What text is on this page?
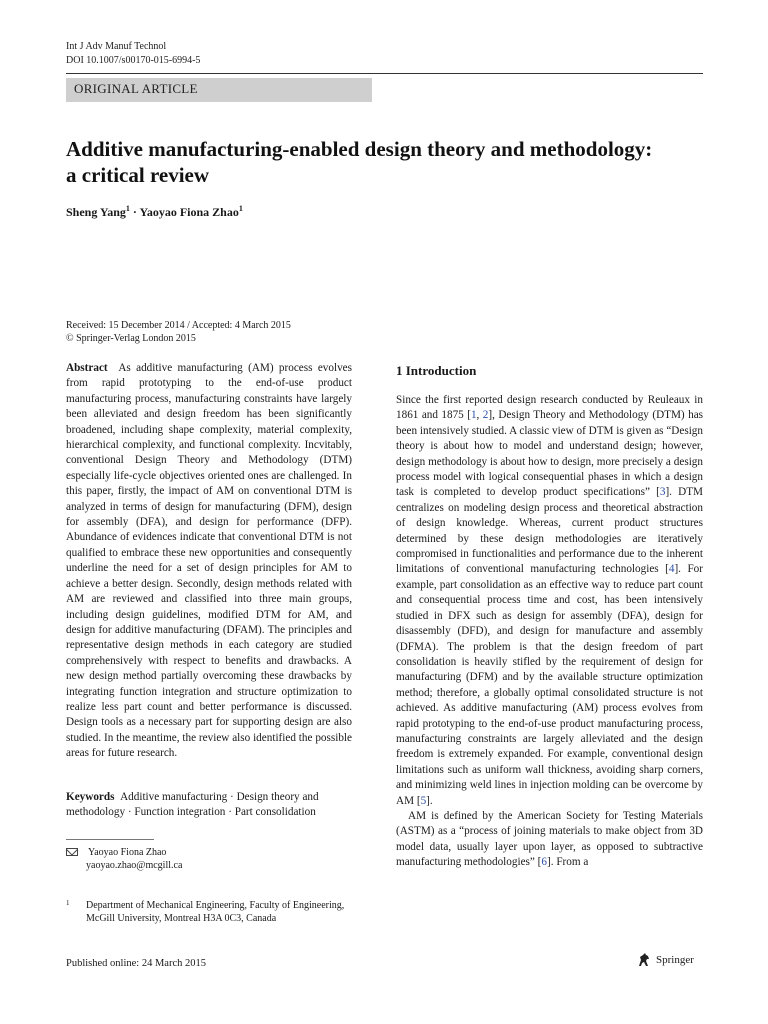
Int J Adv Manuf Technol
DOI 10.1007/s00170-015-6994-5
ORIGINAL ARTICLE
Additive manufacturing-enabled design theory and methodology:
a critical review
Sheng Yang$^1$ · Yaoyao Fiona Zhao$^1$
Received: 15 December 2014 / Accepted: 4 March 2015
© Springer-Verlag London 2015

Abstract As additive manufacturing (AM) process evolves from rapid prototyping to the end-of-use product manufacturing process, manufacturing constraints have largely been alleviated and design freedom has been significantly broadened, including shape complexity, material complexity, hierarchical complexity, and functional complexity. Incvitably, conventional Design Theory and Methodology (DTM) especially life-cycle objectives oriented ones are challenged. In this paper, firstly, the impact of AM on conventional DTM is analyzed in terms of design for manufacturing (DFM), design for assembly (DFA), and design for performance (DFP). Abundance of evidences indicate that conventional DTM is not qualified to embrace these new opportunities and consequently underline the need for a set of design principles for AM to achieve a better design. Secondly, design methods related with AM are reviewed and classified into three main groups, including design guidelines, modified DTM for AM, and design for additive manufacturing (DFAM). The principles and representative design methods in each category are studied comprehensively with respect to benefits and drawbacks. A new design method partially overcoming these drawbacks by integrating function integration and structure optimization to realize less part count and better performance is discussed. Design tools as a necessary part for supporting design are also studied. In the meantime, the review also identified the possible areas for future research.

Keywords Additive manufacturing · Design theory and methodology · Function integration · Part consolidation
Yaoyao Fiona Zhao
yaoyao.zhao@mcgill.ca
1	Department of Mechanical Engineering, Faculty of Engineering,
McGill University, Montreal H3A 0C3, Canada
Published online: 24 March 2015	Springer

1 Introduction

Since the first reported design research conducted by Reuleaux in 1861 and 1875 [1, 2], Design Theory and Methodology (DTM) has been intensively studied. A classic view of DTM is given as “Design theory is about how to model and understand design; however, design methodology is about how to design, more precisely a design process model with logical consequential phases in which a design task is completed to develop product specifications” [3]. DTM centralizes on modeling design process and theoretical abstraction of design knowledge. Whereas, current product structures determined by these design methodologies are iteratively compromised in functionalities and performance due to the inherent limitations of conventional manufacturing technologies [4]. For example, part consolidation as an effective way to reduce part count and consequential process time and cost, has been intensively studied in DFX such as design for assembly (DFA), design for disassembly (DFD), and design for manufacture and assembly (DFMA). The problem is that the design freedom of part consolidation is heavily stifled by the requirement of design for manufacturing (DFM) and by the available structure optimization method; therefore, a globally optimal consolidated structure is not achieved. As additive manufacturing (AM) process evolves from rapid prototyping to the end-of-use product manufacturing process, manufacturing constraints are largely alleviated and the design freedom is extremely expanded. For example, conventional design limitations such as uniform wall thickness, avoiding sharp corners, and minimizing weld lines in injection molding can be overcome by AM [5].

AM is defined by the American Society for Testing Materials (ASTM) as a “process of joining materials to make object from 3D model data, usually layer upon layer, as opposed to subtractive manufacturing methodologies” [6]. From a
